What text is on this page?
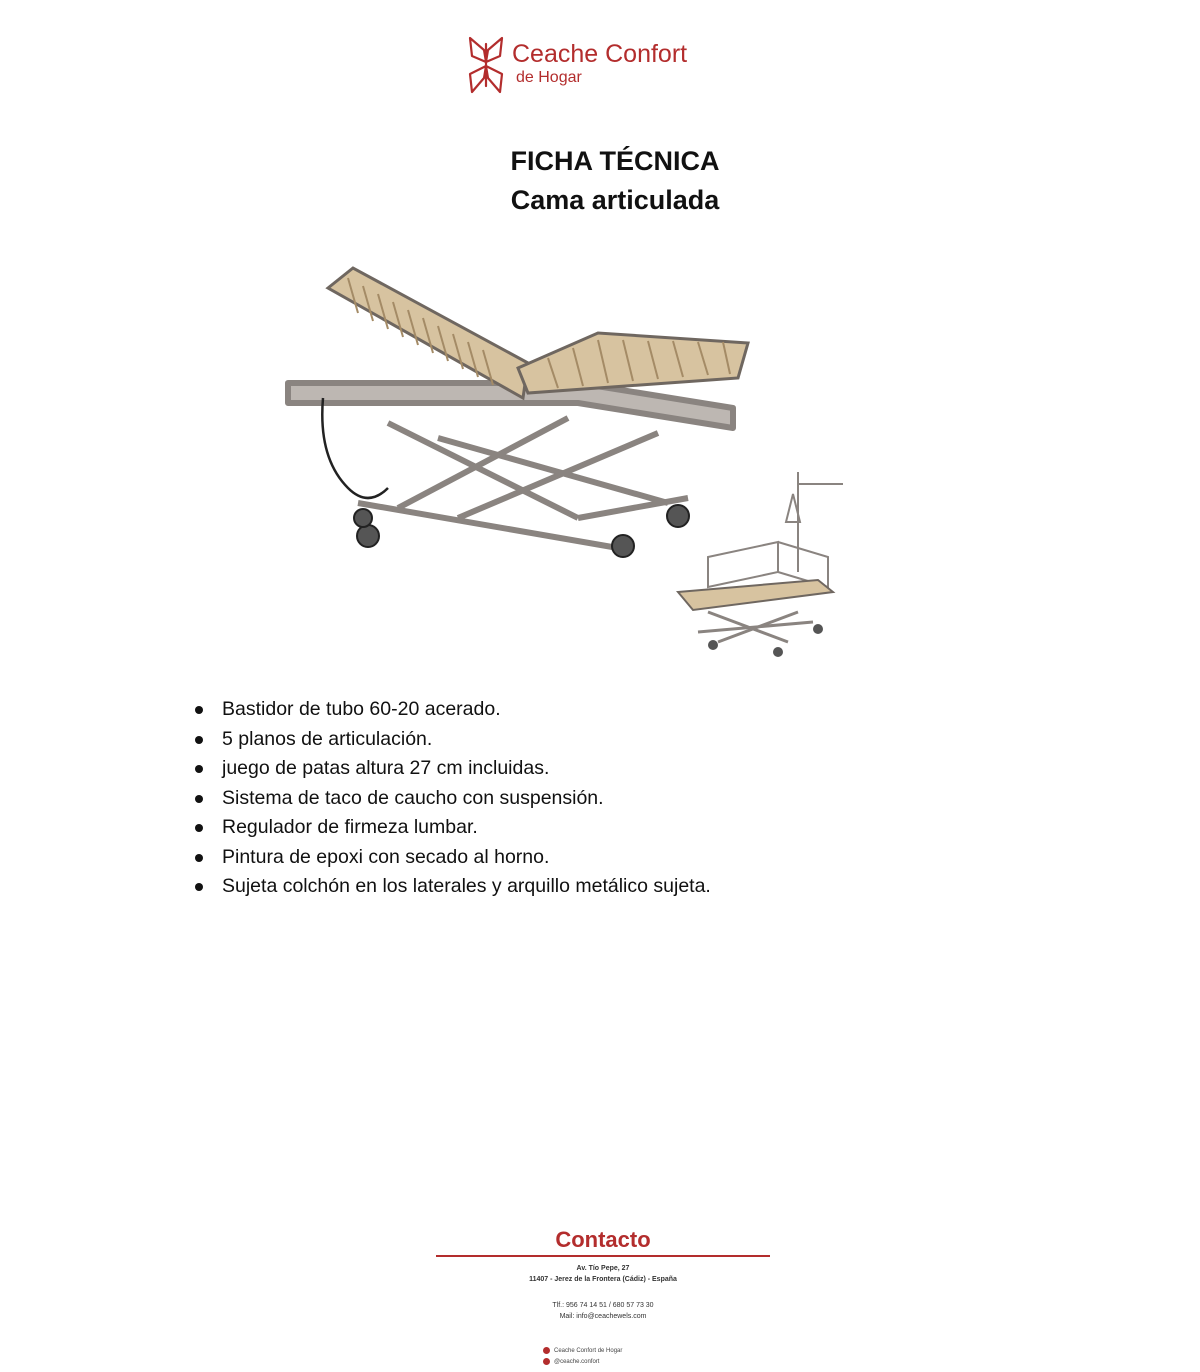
Ceache Confort
de Hogar
FICHA TÉCNICA
Cama articulada
Bastidor de tubo 60-20 acerado.
5 planos de articulación.
juego de patas altura 27 cm incluidas.
Sistema de taco de caucho con suspensión.
Regulador de firmeza lumbar.
Pintura de epoxi con secado al horno.
Sujeta colchón en los laterales y arquillo metálico sujeta.
Contacto
Av. Tío Pepe, 27
11407 - Jerez de la Frontera (Cádiz) - España
Tlf.: 956 74 14 51 / 680 57 73 30
Mail: info@ceachewels.com
Ceache Confort de Hogar
@ceache.confort
